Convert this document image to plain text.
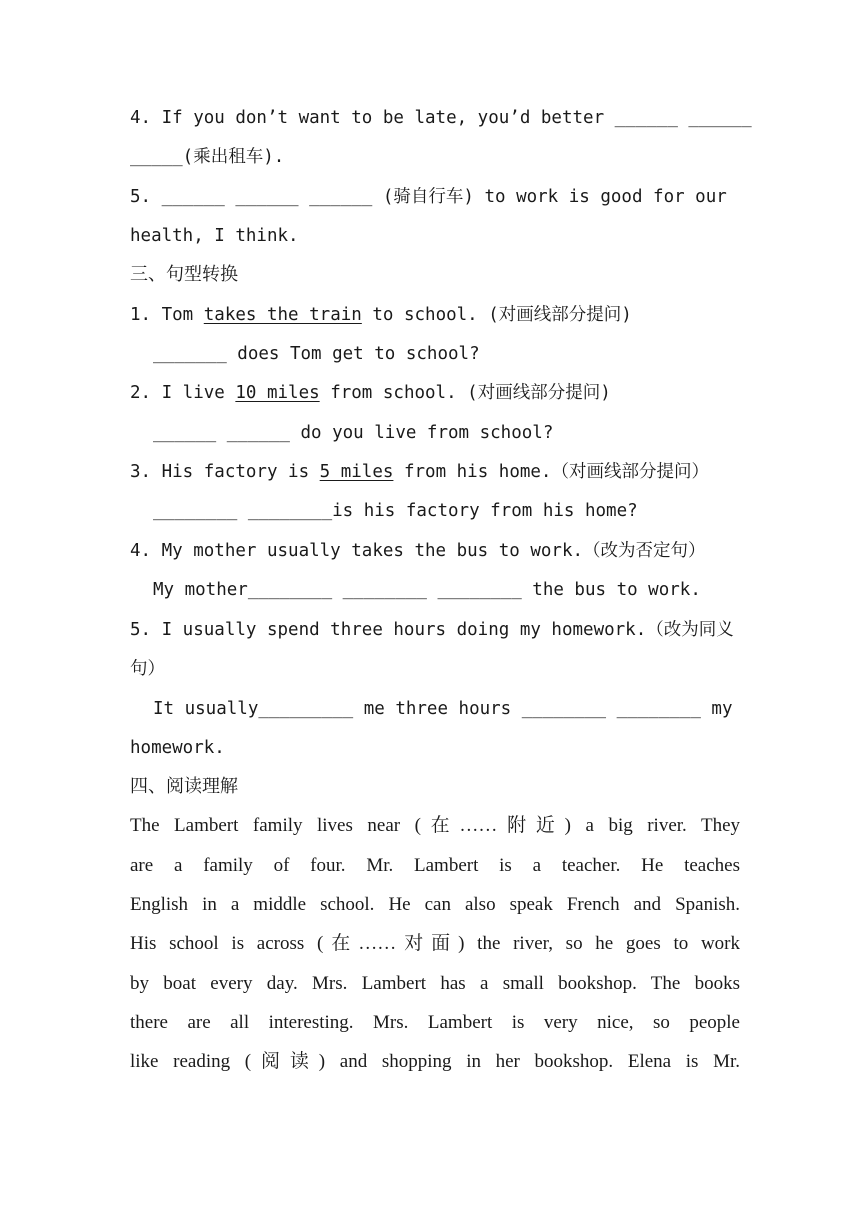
4. If you don’t want to be late, you’d better ______ ______
_____(乘出租车).
5. ______ ______ ______ (骑自行车) to work is good for our
health, I think.
三、句型转换
1. Tom takes the train to school. (对画线部分提问)
_______ does Tom get to school?
2. I live 10 miles from school. (对画线部分提问)
______ ______ do you live from school?
3. His factory is 5 miles from his home.（对画线部分提问）
________ ________is his factory from his home?
4. My mother usually takes the bus to work.（改为否定句）
My mother________ ________ ________ the bus to work.
5. I usually spend three hours doing my homework.（改为同义
句）
It usually_________ me three hours ________ ________ my
homework.
四、阅读理解
The Lambert family lives near (在……附近) a big river. They
are a family of four. Mr. Lambert is a teacher. He teaches
English in a middle school. He can also speak French and Spanish.
His school is across (在……对面) the river, so he goes to work
by boat every day. Mrs. Lambert has a small bookshop. The books
there are all interesting. Mrs. Lambert is very nice, so people
like reading (阅读) and shopping in her bookshop. Elena is Mr.
